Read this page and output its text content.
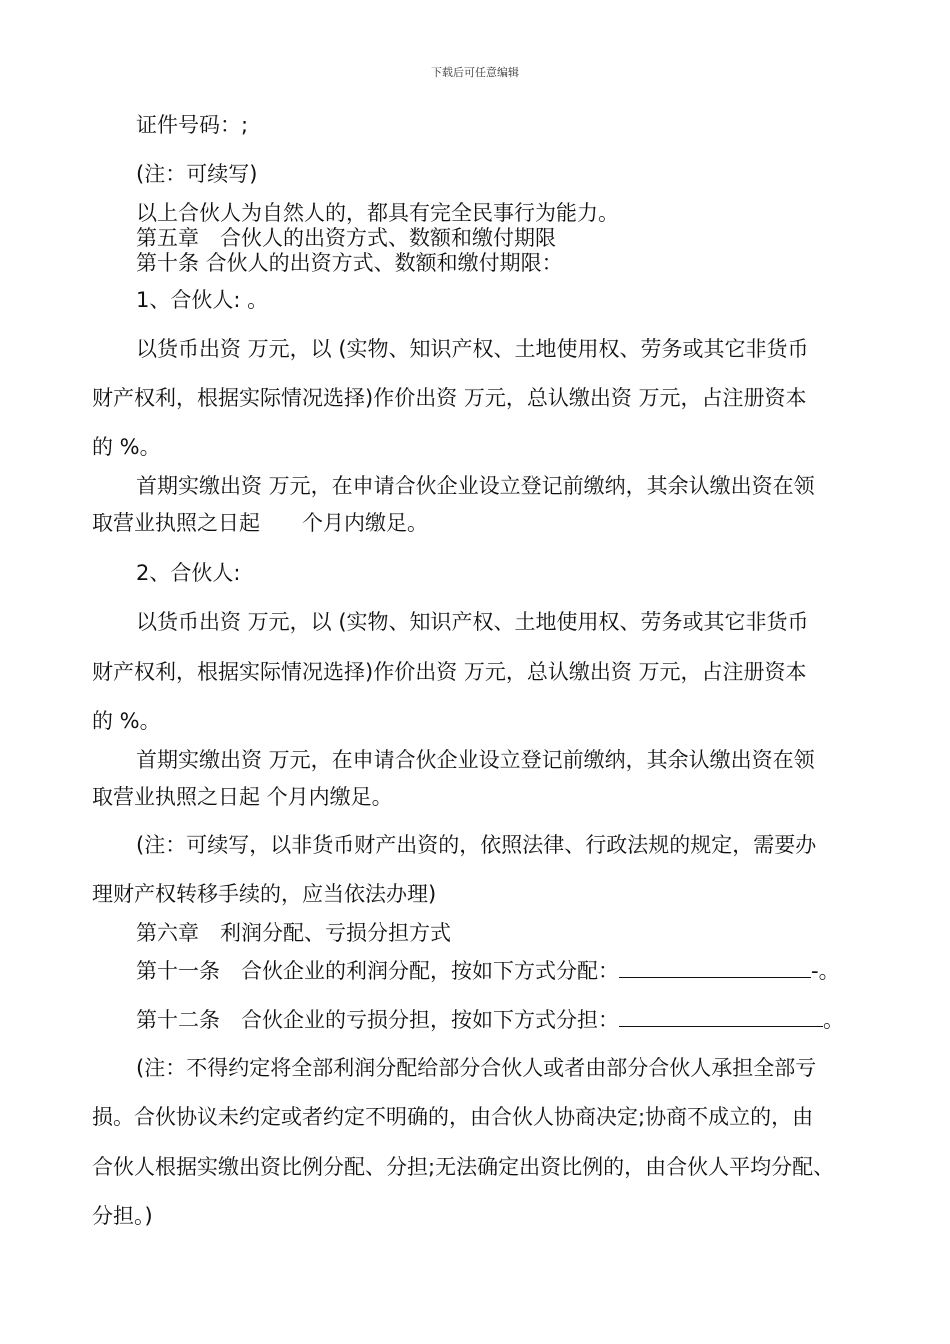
下载后可任意编辑
证件号码：;
(注：可续写)
以上合伙人为自然人的，都具有完全民事行为能力。
第五章　合伙人的出资方式、数额和缴付期限
第十条 合伙人的出资方式、数额和缴付期限：
1、合伙人: 。
以货币出资 万元，以 (实物、知识产权、土地使用权、劳务或其它非货币
财产权利，根据实际情况选择)作价出资 万元，总认缴出资 万元，占注册资本
的 %。
首期实缴出资 万元，在申请合伙企业设立登记前缴纳，其余认缴出资在领
取营业执照之日起　　个月内缴足。
2、合伙人:
以货币出资 万元，以 (实物、知识产权、土地使用权、劳务或其它非货币
财产权利，根据实际情况选择)作价出资 万元，总认缴出资 万元，占注册资本
的 %。
首期实缴出资 万元，在申请合伙企业设立登记前缴纳，其余认缴出资在领
取营业执照之日起 个月内缴足。
(注：可续写，以非货币财产出资的，依照法律、行政法规的规定，需要办
理财产权转移手续的，应当依法办理)
第六章　利润分配、亏损分担方式
第十一条　合伙企业的利润分配，按如下方式分配：	-。
第十二条　合伙企业的亏损分担，按如下方式分担：	。
(注：不得约定将全部利润分配给部分合伙人或者由部分合伙人承担全部亏
损。合伙协议未约定或者约定不明确的，由合伙人协商决定;协商不成立的，由
合伙人根据实缴出资比例分配、分担;无法确定出资比例的，由合伙人平均分配、
分担。)
